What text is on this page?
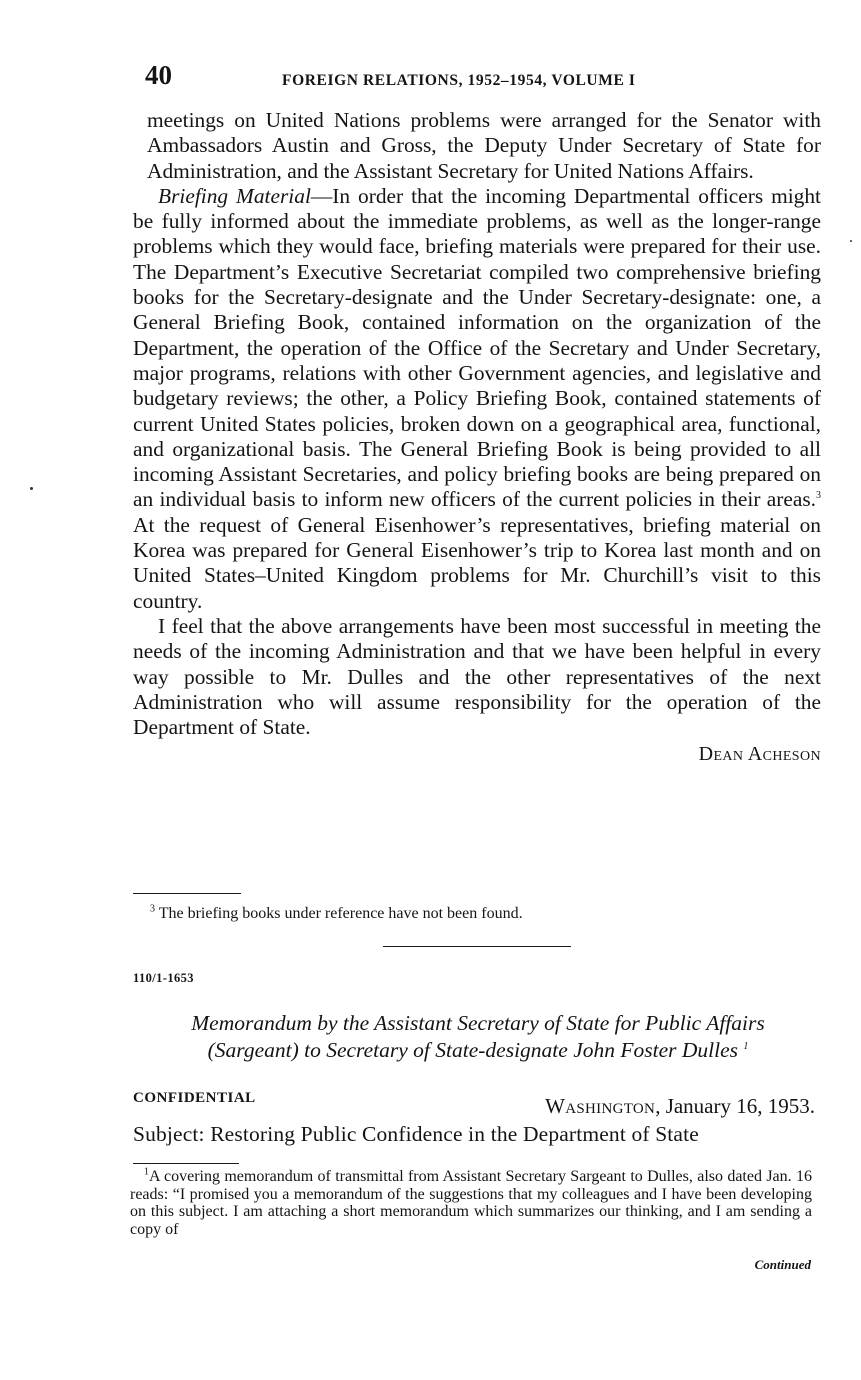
40	FOREIGN RELATIONS, 1952–1954, VOLUME I

meetings on United Nations problems were arranged for the Senator with Ambassadors Austin and Gross, the Deputy Under Secretary of State for Administration, and the Assistant Secretary for United Nations Affairs.

Briefing Material—In order that the incoming Departmental officers might be fully informed about the immediate problems, as well as the longer-range problems which they would face, briefing materials were prepared for their use. The Department’s Executive Secretariat compiled two comprehensive briefing books for the Secretary-designate and the Under Secretary-designate: one, a General Briefing Book, contained information on the organization of the Department, the operation of the Office of the Secretary and Under Secretary, major programs, relations with other Government agencies, and legislative and budgetary reviews; the other, a Policy Briefing Book, contained statements of current United States policies, broken down on a geographical area, functional, and organizational basis. The General Briefing Book is being provided to all incoming Assistant Secretaries, and policy briefing books are being prepared on an individual basis to inform new officers of the current policies in their areas.$^3$ At the request of General Eisenhower’s representatives, briefing material on Korea was prepared for General Eisenhower’s trip to Korea last month and on United States–United Kingdom problems for Mr. Churchill’s visit to this country.

I feel that the above arrangements have been most successful in meeting the needs of the incoming Administration and that we have been helpful in every way possible to Mr. Dulles and the other representatives of the next Administration who will assume responsibility for the operation of the Department of State.

Dean Acheson
$^3$ The briefing books under reference have not been found.
110/1-1653
Memorandum by the Assistant Secretary of State for Public Affairs
(Sargeant) to Secretary of State-designate John Foster Dulles $^1$
CONFIDENTIAL	Washington, January 16, 1953.
Subject: Restoring Public Confidence in the Department of State
$^1$A covering memorandum of transmittal from Assistant Secretary Sargeant to Dulles, also dated Jan. 16 reads: “I promised you a memorandum of the suggestions that my colleagues and I have been developing on this subject. I am attaching a short memorandum which summarizes our thinking, and I am sending a copy of
Continued
